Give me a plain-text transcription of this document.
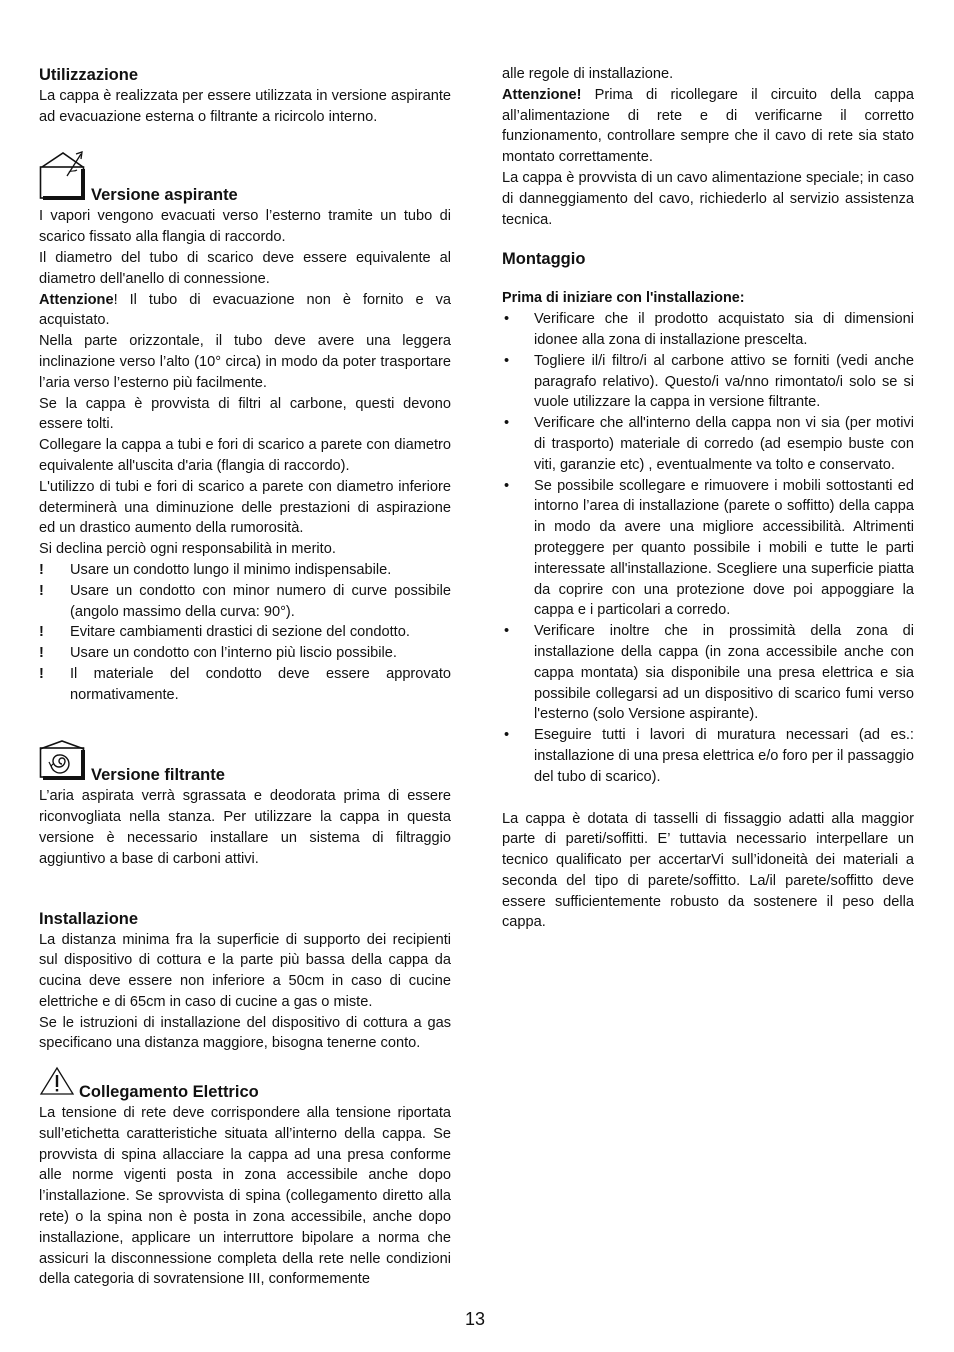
Utilizzazione

La cappa è realizzata per essere utilizzata in versione aspirante ad evacuazione esterna o filtrante a ricircolo interno.

Versione aspirante

I vapori vengono evacuati verso l’esterno tramite un tubo di scarico fissato alla flangia di raccordo.

Il diametro del tubo di scarico deve essere equivalente al diametro dell'anello di connessione.

Attenzione! Il tubo di evacuazione non è fornito e va acquistato.

Nella parte orizzontale, il tubo deve avere una leggera inclinazione verso l’alto (10° circa) in modo da poter trasportare l’aria verso l’esterno più facilmente.

Se la cappa è provvista di filtri al carbone, questi devono essere tolti.

Collegare la cappa a tubi e fori di scarico a parete con diametro equivalente all'uscita d'aria (flangia di raccordo).

L'utilizzo di tubi e fori di scarico a parete con diametro inferiore determinerà una diminuzione delle prestazioni di aspirazione ed un drastico aumento della rumorosità.

Si declina perciò ogni responsabilità in merito.

!	Usare un condotto lungo il minimo indispensabile.
!	Usare un condotto con minor numero di curve possibile (angolo massimo della curva: 90°).
!	Evitare cambiamenti drastici di sezione del condotto.
!	Usare un condotto con l’interno più liscio possibile.
!	Il materiale del condotto deve essere approvato normativamente.
Versione filtrante

L’aria aspirata verrà sgrassata e deodorata prima di essere riconvogliata nella stanza. Per utilizzare la cappa in questa versione è necessario installare un sistema di filtraggio aggiuntivo a base di carboni attivi.

Installazione

La distanza minima fra la superficie di supporto dei recipienti sul dispositivo di cottura e la parte più bassa della cappa da cucina deve essere non inferiore a 50cm in caso di cucine elettriche e di 65cm in caso di cucine a gas o miste.

Se le istruzioni di installazione del dispositivo di cottura a gas specificano una distanza maggiore, bisogna tenerne conto.

Collegamento Elettrico

La tensione di rete deve corrispondere alla tensione riportata sull’etichetta caratteristiche situata all’interno della cappa. Se provvista di spina allacciare la cappa ad una presa conforme alle norme vigenti posta in zona accessibile anche dopo l’installazione. Se sprovvista di spina (collegamento diretto alla rete) o la spina non è posta in zona accessibile, anche dopo installazione, applicare un interruttore bipolare a norma che assicuri la disconnessione completa della rete nelle condizioni della categoria di sovratensione III, conformemente

alle regole di installazione.

Attenzione! Prima di ricollegare il circuito della cappa all’alimentazione di rete e di verificarne il corretto funzionamento, controllare sempre che il cavo di rete sia stato montato correttamente.

La cappa è provvista di un cavo alimentazione speciale; in caso di danneggiamento del cavo, richiederlo al servizio assistenza tecnica.

Montaggio
Prima di iniziare con l'installazione:
•	Verificare che il prodotto acquistato sia di dimensioni idonee alla zona di installazione prescelta.
•	Togliere il/i filtro/i al carbone attivo se forniti (vedi anche paragrafo relativo). Questo/i va/nno rimontato/i solo se si vuole utilizzare la cappa in versione filtrante.
•	Verificare che all'interno della cappa non vi sia (per motivi di trasporto) materiale di corredo (ad esempio buste con viti, garanzie etc) , eventualmente va tolto e conservato.
•	Se possibile scollegare e rimuovere i mobili sottostanti ed intorno l’area di installazione (parete o soffitto) della cappa in modo da avere una migliore accessibilità. Altrimenti proteggere per quanto possibile i mobili e tutte le parti interessate all'installazione. Scegliere una superficie piatta da coprire con una protezione dove poi appoggiare la cappa e i particolari a corredo.
•	Verificare inoltre che in prossimità della zona di installazione della cappa (in zona accessibile anche con cappa montata) sia disponibile una presa elettrica e sia possibile collegarsi ad un dispositivo di scarico fumi verso l'esterno (solo Versione aspirante).
•	Eseguire tutti i lavori di muratura necessari (ad es.: installazione di una presa elettrica e/o foro per il passaggio del tubo di scarico).

La cappa è dotata di tasselli di fissaggio adatti alla maggior parte di pareti/soffitti. E’ tuttavia necessario interpellare un tecnico qualificato per accertarVi sull’idoneità dei materiali a seconda del tipo di parete/soffitto. La/il parete/soffitto deve essere sufficientemente robusto da sostenere il peso della cappa.

13
